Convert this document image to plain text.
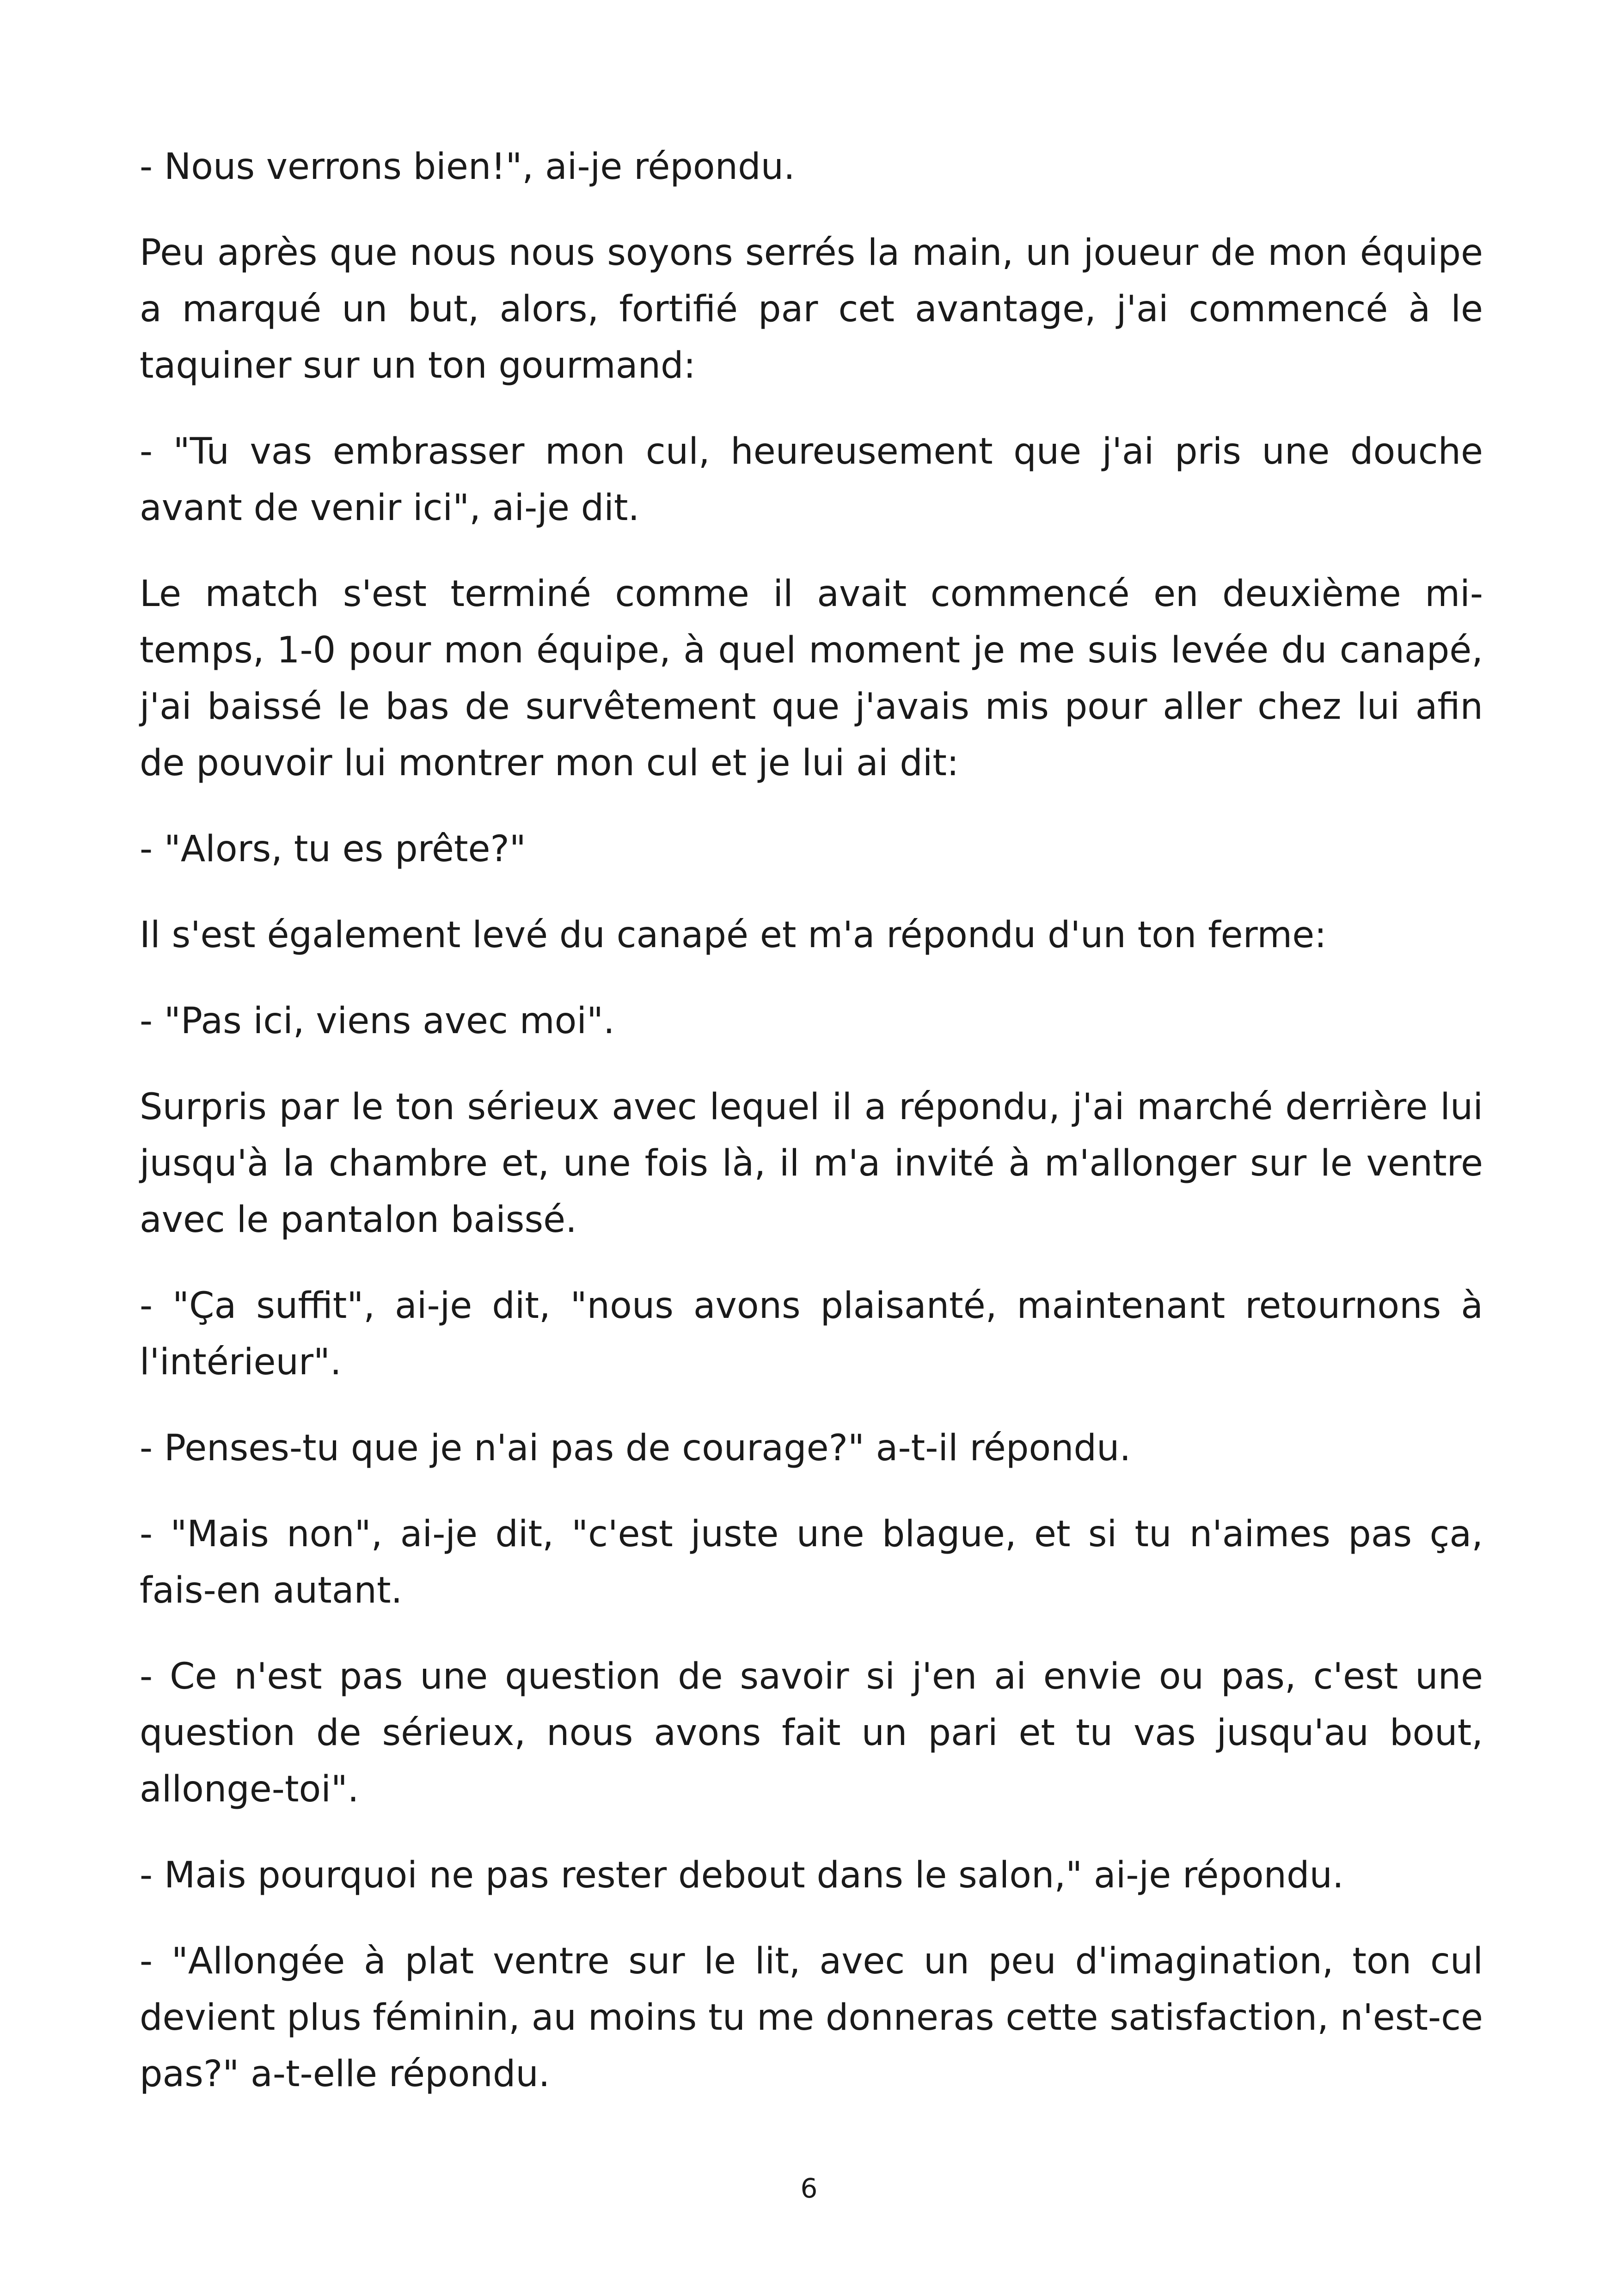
- Nous verrons bien!", ai-je répondu.

Peu après que nous nous soyons serrés la main, un joueur de mon équipe a marqué un but, alors, fortifié par cet avantage, j'ai commencé à le taquiner sur un ton gourmand:

- "Tu vas embrasser mon cul, heureusement que j'ai pris une douche avant de venir ici", ai-je dit.

Le match s'est terminé comme il avait commencé en deuxième mi-temps, 1-0 pour mon équipe, à quel moment je me suis levée du canapé, j'ai baissé le bas de survêtement que j'avais mis pour aller chez lui afin de pouvoir lui montrer mon cul et je lui ai dit:

- "Alors, tu es prête?"

Il s'est également levé du canapé et m'a répondu d'un ton ferme:

- "Pas ici, viens avec moi".

Surpris par le ton sérieux avec lequel il a répondu, j'ai marché derrière lui jusqu'à la chambre et, une fois là, il m'a invité à m'allonger sur le ventre avec le pantalon baissé.

- "Ça suffit", ai-je dit, "nous avons plaisanté, maintenant retournons à l'intérieur".

- Penses-tu que je n'ai pas de courage?" a-t-il répondu.

- "Mais non", ai-je dit, "c'est juste une blague, et si tu n'aimes pas ça, fais-en autant.

- Ce n'est pas une question de savoir si j'en ai envie ou pas, c'est une question de sérieux, nous avons fait un pari et tu vas jusqu'au bout, allonge-toi".

- Mais pourquoi ne pas rester debout dans le salon," ai-je répondu.

- "Allongée à plat ventre sur le lit, avec un peu d'imagination, ton cul devient plus féminin, au moins tu me donneras cette satisfaction, n'est-ce pas?" a-t-elle répondu.

6
